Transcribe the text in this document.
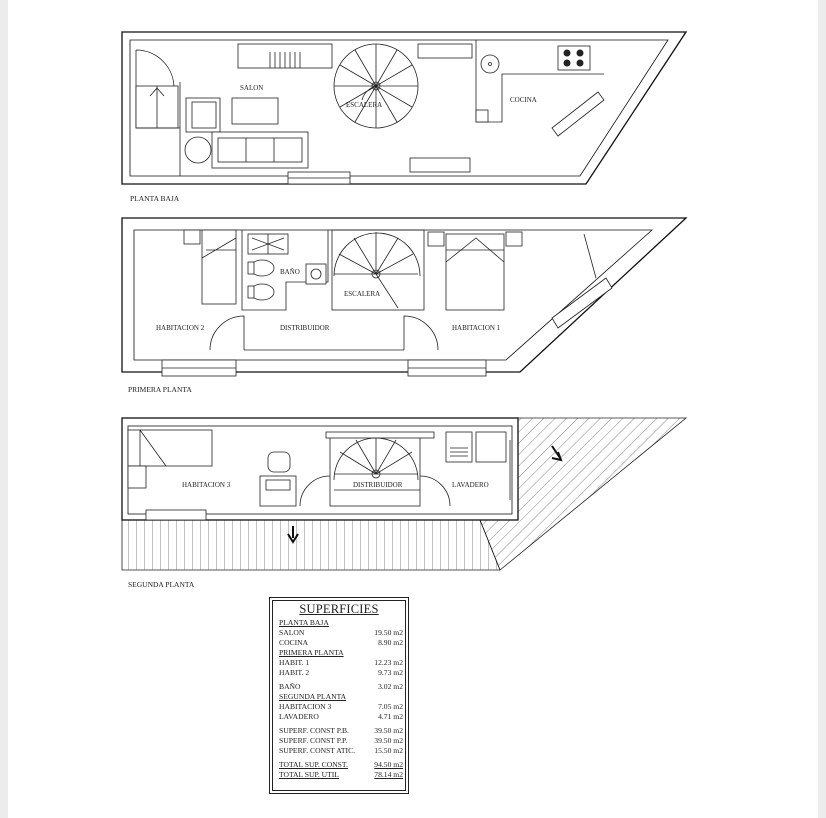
SALON
ESCALERA
COCINA
PLANTA BAJA
BAÑO
ESCALERA
HABITACION 2	DISTRIBUIDOR	HABITACION 1
PRIMERA PLANTA
HABITACION 3	DISTRIBUIDOR	LAVADERO
SEGUNDA PLANTA
SUPERFICIES
PLANTA BAJA
SALON	19.50 m2
COCINA	8.90 m2
PRIMERA PLANTA
HABIT. 1	12.23 m2
HABIT. 2	9.73 m2
BAÑO	3.02 m2
SEGUNDA PLANTA
HABITACION 3	7.05 m2
LAVADERO	4.71 m2
SUPERF. CONST P.B.	39.50 m2
SUPERF. CONST P.P.	39.50 m2
SUPERF. CONST ATIC.	15.50 m2
TOTAL SUP. CONST.	94.50 m2
TOTAL SUP. UTIL	78.14 m2
